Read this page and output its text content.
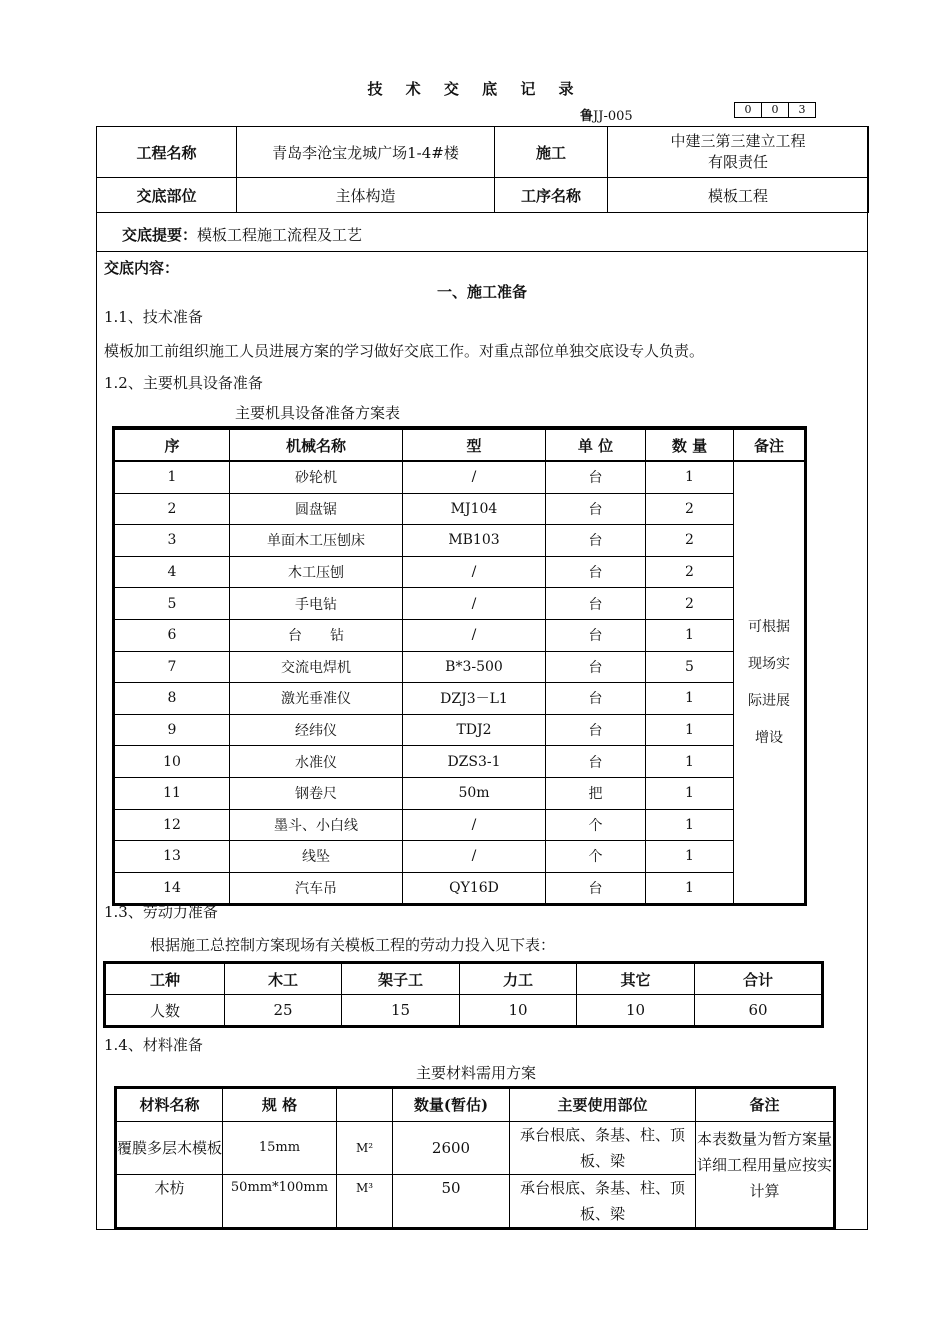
技 术 交 底 记 录
鲁JJ-005	0	0	3
工程名称	青岛李沧宝龙城广场1-4#楼	施工	中建三第三建立工程
有限责任

交底部位	主体构造	工序名称	模板工程
交底提要：模板工程施工流程及工艺
交底内容：
一、施工准备
1.1、技术准备
模板加工前组织施工人员进展方案的学习做好交底工作。对重点部位单独交底设专人负责。
1.2、主要机具设备准备
主要机具设备准备方案表
序	机械名称	型	单 位	数 量	备注
1	砂轮机	/	台	1	可根据
现场实
际进展
增设

2	圆盘锯	MJ104	台	2	
3	单面木工压刨床	MB103	台	2	
4	木工压刨	/	台	2	
5	手电钻	/	台	2	
6	台　　钻	/	台	1	
7	交流电焊机	B*3-500	台	5	
8	激光垂准仪	DZJ3－L1	台	1	
9	经纬仪	TDJ2	台	1	
10	水准仪	DZS3-1	台	1	
11	钢卷尺	50m	把	1	
12	墨斗、小白线	/	个	1	
13	线坠	/	个	1	
14	汽车吊	QY16D	台	1	
1.3、劳动力准备
根据施工总控制方案现场有关模板工程的劳动力投入见下表：
工种	木工	架子工	力工	其它	合计
人数	25	15	10	10	60
1.4、材料准备
主要材料需用方案
材料名称	规 格		数量(暂估)	主要使用部位	备注
覆膜多层木模板	15mm	M²	2600	承台根底、条基、柱、顶板、梁	本表数量为暂方案量详细工程用量应按实计算
木枋	50mm*100mm	M³	50	承台根底、条基、柱、顶板、梁	
